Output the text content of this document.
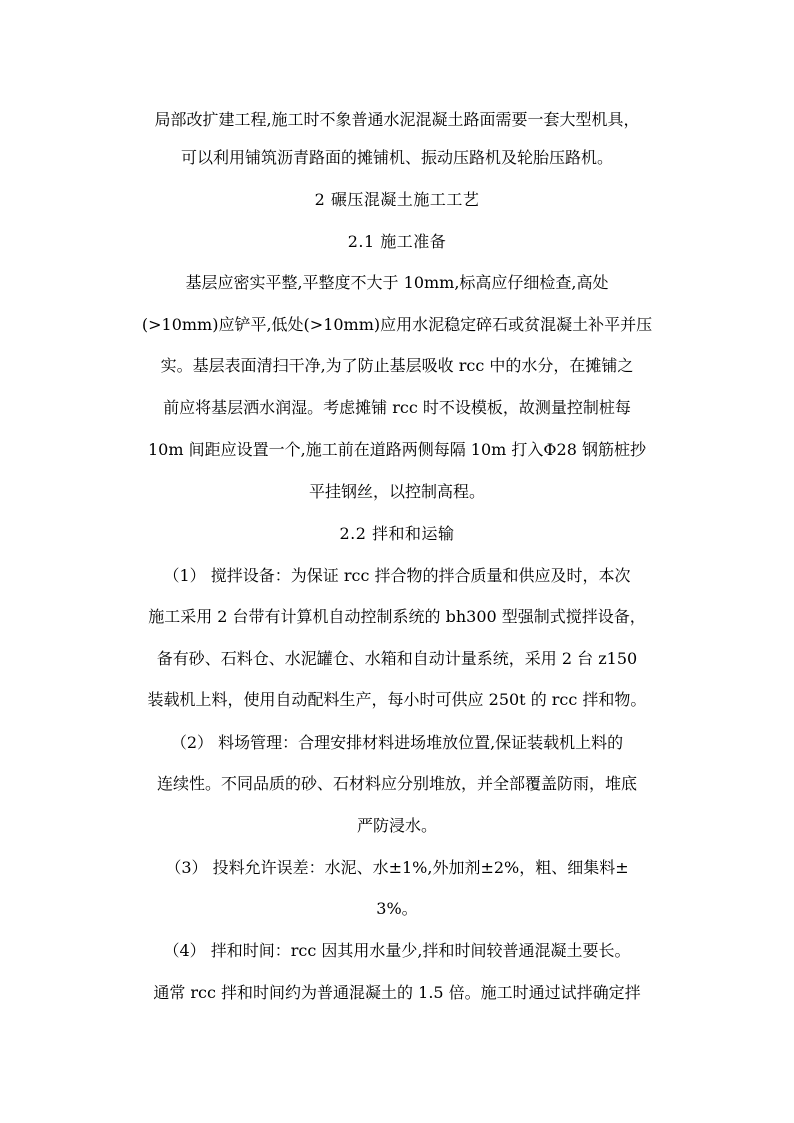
局部改扩建工程,施工时不象普通水泥混凝土路面需要一套大型机具，
可以利用铺筑沥青路面的摊铺机、振动压路机及轮胎压路机。
2 碾压混凝土施工工艺
2.1 施工准备
基层应密实平整,平整度不大于 10mm,标高应仔细检查,高处
(>10mm)应铲平,低处(>10mm)应用水泥稳定碎石或贫混凝土补平并压
实。基层表面清扫干净,为了防止基层吸收 rcc 中的水分，在摊铺之
前应将基层洒水润湿。考虑摊铺 rcc 时不设模板，故测量控制桩每
10m 间距应设置一个,施工前在道路两侧每隔 10m 打入Φ28 钢筋桩抄
平挂钢丝，以控制高程。
2.2 拌和和运输
（1） 搅拌设备：为保证 rcc 拌合物的拌合质量和供应及时，本次
施工采用 2 台带有计算机自动控制系统的 bh300 型强制式搅拌设备，
备有砂、石料仓、水泥罐仓、水箱和自动计量系统，采用 2 台 z150
装载机上料，使用自动配料生产，每小时可供应 250t 的 rcc 拌和物。
（2） 料场管理：合理安排材料进场堆放位置,保证装载机上料的
连续性。不同品质的砂、石材料应分别堆放，并全部覆盖防雨，堆底
严防浸水。
（3） 投料允许误差：水泥、水±1%,外加剂±2%，粗、细集料±
3%。
（4） 拌和时间：rcc 因其用水量少,拌和时间较普通混凝土要长。
通常 rcc 拌和时间约为普通混凝土的 1.5 倍。施工时通过试拌确定拌
